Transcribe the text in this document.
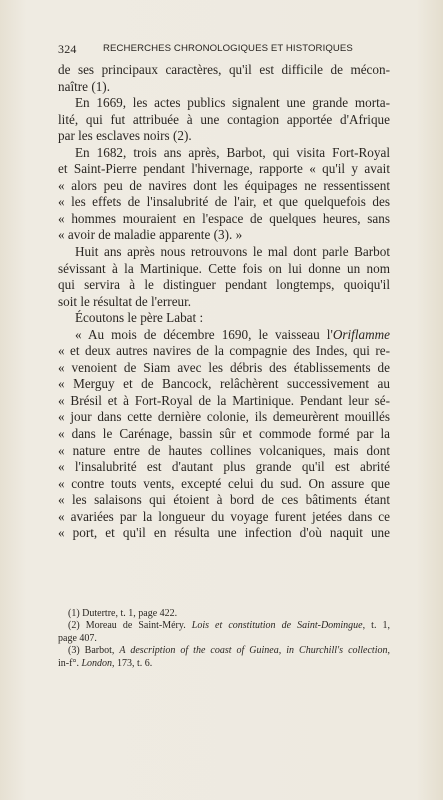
324	RECHERCHES CHRONOLOGIQUES ET HISTORIQUES
de ses principaux caractères, qu'il est difficile de mécon-
naître (1).
En 1669, les actes publics signalent une grande morta-
lité, qui fut attribuée à une contagion apportée d'Afrique
par les esclaves noirs (2).
En 1682, trois ans après, Barbot, qui visita Fort-Royal
et Saint-Pierre pendant l'hivernage, rapporte « qu'il y avait
« alors peu de navires dont les équipages ne ressentissent
« les effets de l'insalubrité de l'air, et que quelquefois des
« hommes mouraient en l'espace de quelques heures, sans
« avoir de maladie apparente (3). »
Huit ans après nous retrouvons le mal dont parle Barbot
sévissant à la Martinique. Cette fois on lui donne un nom
qui servira à le distinguer pendant longtemps, quoiqu'il
soit le résultat de l'erreur.
Écoutons le père Labat :
« Au mois de décembre 1690, le vaisseau l'Oriflamme
« et deux autres navires de la compagnie des Indes, qui re-
« venoient de Siam avec les débris des établissements de
« Merguy et de Bancock, relâchèrent successivement au
« Brésil et à Fort-Royal de la Martinique. Pendant leur sé-
« jour dans cette dernière colonie, ils demeurèrent mouillés
« dans le Carénage, bassin sûr et commode formé par la
« nature entre de hautes collines volcaniques, mais dont
« l'insalubrité est d'autant plus grande qu'il est abrité
« contre touts vents, excepté celui du sud. On assure que
« les salaisons qui étoient à bord de ces bâtiments étant
« avariées par la longueur du voyage furent jetées dans ce
« port, et qu'il en résulta une infection d'où naquit une
(1) Dutertre, t. 1, page 422.
(2) Moreau de Saint-Méry. Lois et constitution de Saint-Domingue, t. 1,
page 407.
(3) Barbot, A description of the coast of Guinea, in Churchill's collection,
in-f°. London, 173, t. 6.
